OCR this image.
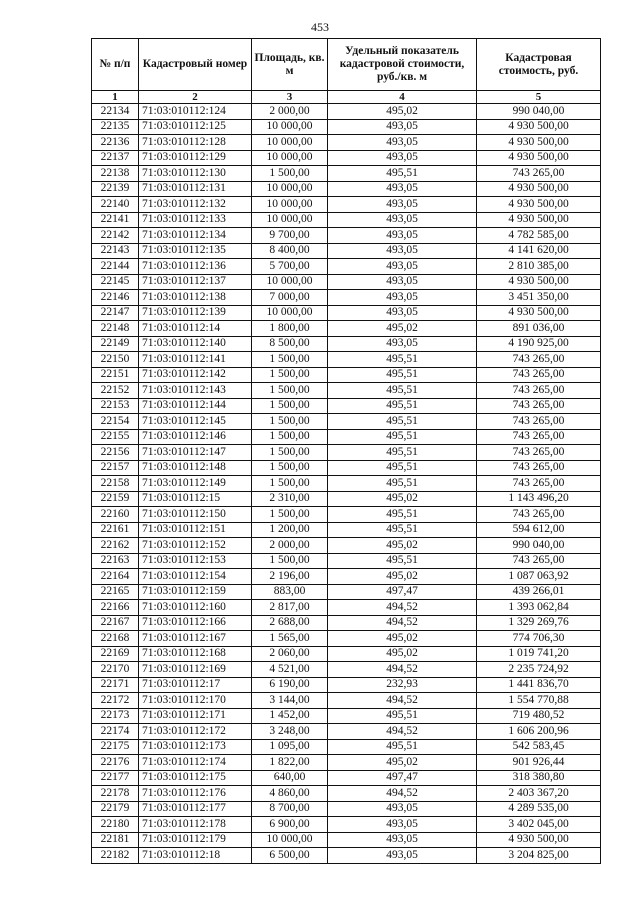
453
№ п/п	Кадастровый номер	Площадь, кв. м	Удельный показатель кадастровой стоимости, руб./кв. м	Кадастровая стоимость, руб.
1	2	3	4	5
22134	71:03:010112:124	2 000,00	495,02	990 040,00
22135	71:03:010112:125	10 000,00	493,05	4 930 500,00
22136	71:03:010112:128	10 000,00	493,05	4 930 500,00
22137	71:03:010112:129	10 000,00	493,05	4 930 500,00
22138	71:03:010112:130	1 500,00	495,51	743 265,00
22139	71:03:010112:131	10 000,00	493,05	4 930 500,00
22140	71:03:010112:132	10 000,00	493,05	4 930 500,00
22141	71:03:010112:133	10 000,00	493,05	4 930 500,00
22142	71:03:010112:134	9 700,00	493,05	4 782 585,00
22143	71:03:010112:135	8 400,00	493,05	4 141 620,00
22144	71:03:010112:136	5 700,00	493,05	2 810 385,00
22145	71:03:010112:137	10 000,00	493,05	4 930 500,00
22146	71:03:010112:138	7 000,00	493,05	3 451 350,00
22147	71:03:010112:139	10 000,00	493,05	4 930 500,00
22148	71:03:010112:14	1 800,00	495,02	891 036,00
22149	71:03:010112:140	8 500,00	493,05	4 190 925,00
22150	71:03:010112:141	1 500,00	495,51	743 265,00
22151	71:03:010112:142	1 500,00	495,51	743 265,00
22152	71:03:010112:143	1 500,00	495,51	743 265,00
22153	71:03:010112:144	1 500,00	495,51	743 265,00
22154	71:03:010112:145	1 500,00	495,51	743 265,00
22155	71:03:010112:146	1 500,00	495,51	743 265,00
22156	71:03:010112:147	1 500,00	495,51	743 265,00
22157	71:03:010112:148	1 500,00	495,51	743 265,00
22158	71:03:010112:149	1 500,00	495,51	743 265,00
22159	71:03:010112:15	2 310,00	495,02	1 143 496,20
22160	71:03:010112:150	1 500,00	495,51	743 265,00
22161	71:03:010112:151	1 200,00	495,51	594 612,00
22162	71:03:010112:152	2 000,00	495,02	990 040,00
22163	71:03:010112:153	1 500,00	495,51	743 265,00
22164	71:03:010112:154	2 196,00	495,02	1 087 063,92
22165	71:03:010112:159	883,00	497,47	439 266,01
22166	71:03:010112:160	2 817,00	494,52	1 393 062,84
22167	71:03:010112:166	2 688,00	494,52	1 329 269,76
22168	71:03:010112:167	1 565,00	495,02	774 706,30
22169	71:03:010112:168	2 060,00	495,02	1 019 741,20
22170	71:03:010112:169	4 521,00	494,52	2 235 724,92
22171	71:03:010112:17	6 190,00	232,93	1 441 836,70
22172	71:03:010112:170	3 144,00	494,52	1 554 770,88
22173	71:03:010112:171	1 452,00	495,51	719 480,52
22174	71:03:010112:172	3 248,00	494,52	1 606 200,96
22175	71:03:010112:173	1 095,00	495,51	542 583,45
22176	71:03:010112:174	1 822,00	495,02	901 926,44
22177	71:03:010112:175	640,00	497,47	318 380,80
22178	71:03:010112:176	4 860,00	494,52	2 403 367,20
22179	71:03:010112:177	8 700,00	493,05	4 289 535,00
22180	71:03:010112:178	6 900,00	493,05	3 402 045,00
22181	71:03:010112:179	10 000,00	493,05	4 930 500,00
22182	71:03:010112:18	6 500,00	493,05	3 204 825,00
